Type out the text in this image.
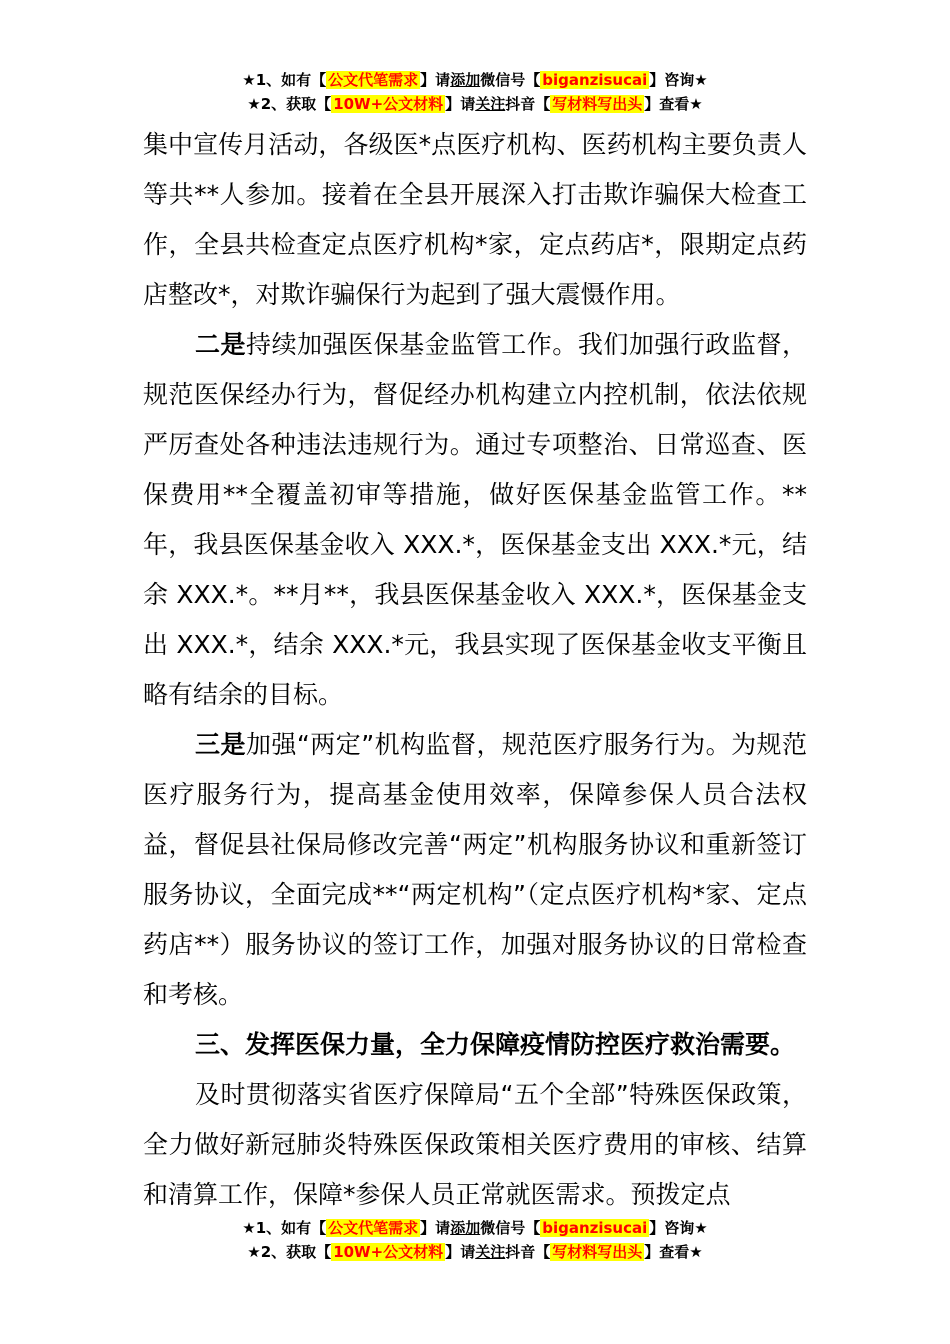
★1、如有【 公文代笔需求 】请添加微信号【 biganzisucai 】咨询★
★2、获取【 10W+公文材料 】请关注抖音【 写材料写出头 】查看★

集中宣传月活动，各级医*点医疗机构、医药机构主要负责人等共**人参加。接着在全县开展深入打击欺诈骗保大检查工作，全县共检查定点医疗机构*家，定点药店*，限期定点药店整改*，对欺诈骗保行为起到了强大震慑作用。

二是持续加强医保基金监管工作。我们加强行政监督，规范医保经办行为，督促经办机构建立内控机制，依法依规严厉查处各种违法违规行为。通过专项整治、日常巡查、医保费用**全覆盖初审等措施，做好医保基金监管工作。**年，我县医保基金收入 XXX.*，医保基金支出 XXX.*元，结余 XXX.*。**月**，我县医保基金收入 XXX.*，医保基金支出 XXX.*，结余 XXX.*元，我县实现了医保基金收支平衡且略有结余的目标。

三是加强“两定”机构监督，规范医疗服务行为。为规范医疗服务行为，提高基金使用效率，保障参保人员合法权益，督促县社保局修改完善“两定”机构服务协议和重新签订服务协议，全面完成**“两定机构”（定点医疗机构*家、定点药店**）服务协议的签订工作，加强对服务协议的日常检查和考核。

三、发挥医保力量，全力保障疫情防控医疗救治需要。

及时贯彻落实省医疗保障局“五个全部”特殊医保政策，全力做好新冠肺炎特殊医保政策相关医疗费用的审核、结算和清算工作，保障*参保人员正常就医需求。预拨定点

★1、如有【 公文代笔需求 】请添加微信号【 biganzisucai 】咨询★
★2、获取【 10W+公文材料 】请关注抖音【 写材料写出头 】查看★
